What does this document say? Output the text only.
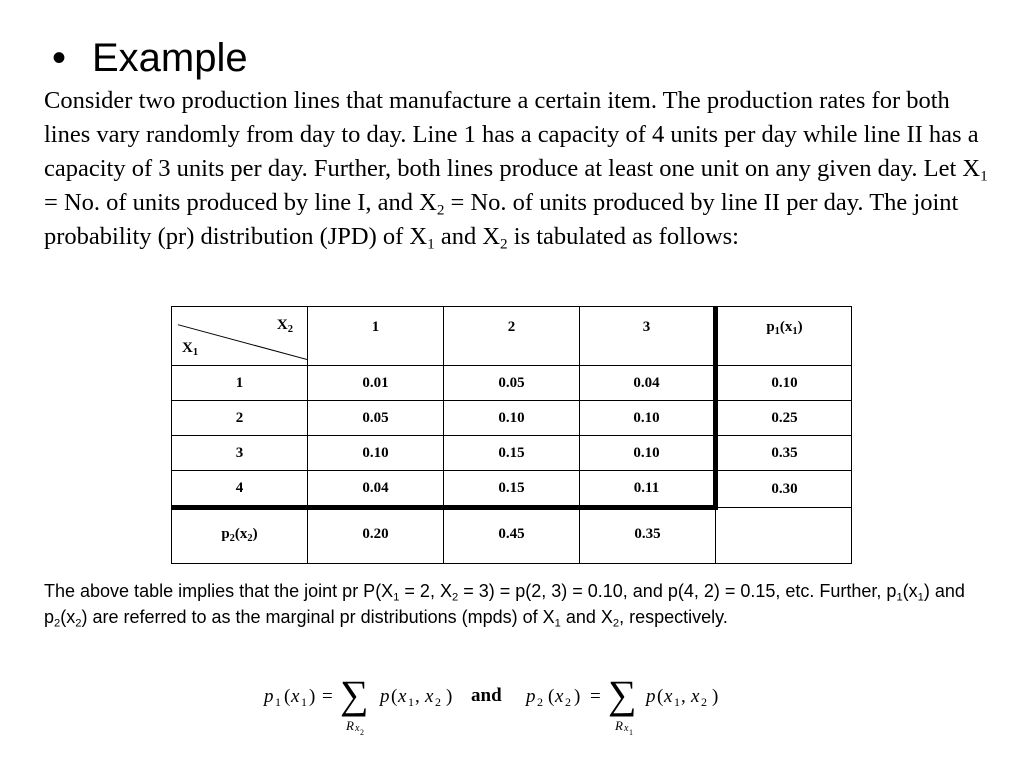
• Example
Consider two production lines that manufacture a certain item. The production rates for both lines vary randomly from day to day. Line 1 has a capacity of 4 units per day while line II has a capacity of 3 units per day. Further, both lines produce at least one unit on any given day. Let $X_1 = No$. of units produced by line I, and $X_2 = No$. of units produced by line II per day. The joint probability (pr) distribution (JPD) of $X_1$ and $X_2$ is tabulated as follows:
$X_2$
$X_1$	1	2	3	$p_1(x_1)$
1	0.01	0.05	0.04	0.10
2	0.05	0.10	0.10	0.25
3	0.10	0.15	0.10	0.35
4	0.04	0.15	0.11	0.30
$p_2(x_2)$	0.20	0.45	0.35	
The above table implies that the joint pr $P(X_1 = 2$, $X_2 = 3) = p(2$, 3) = 0.10, and p(4, 2) = 0.15, etc. Further, $p_1(x_1)$ and $p_2(x_2)$ are referred to as the marginal pr distributions (mpds) of $X_1$ and $X_2$, respectively.
p 1 ( x 1 ) = ∑
R x 2
p ( x 1 , x 2 ) and p 2 ( x 2 ) = ∑
R x 1
p ( x 1 , x 2 )
